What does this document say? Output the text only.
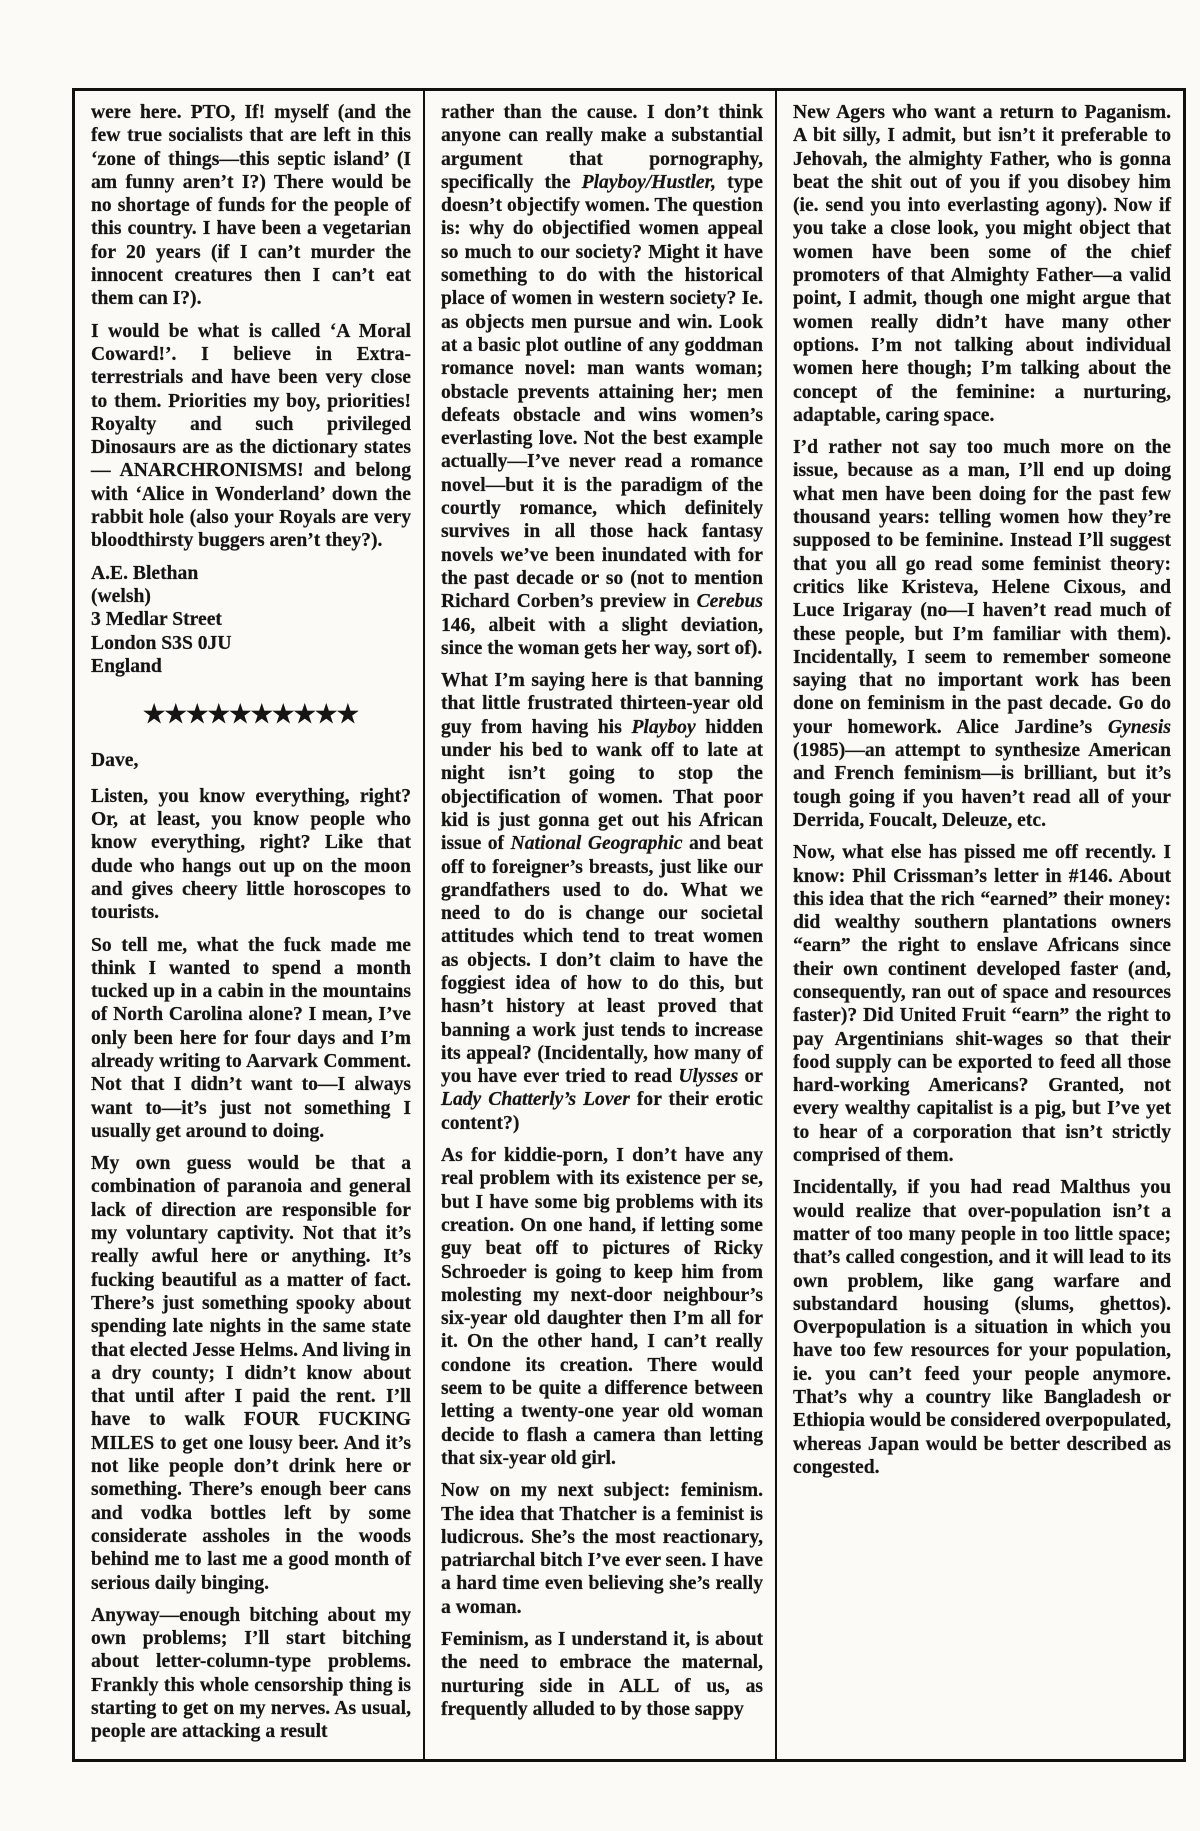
were here. PTO, If! myself (and the few true socialists that are left in this ‘zone of things—this septic island’ (I am funny aren’t I?) There would be no shortage of funds for the people of this country. I have been a vegetarian for 20 years (if I can’t murder the innocent creatures then I can’t eat them can I?).

I would be what is called ‘A Moral Coward!’. I believe in Extra-terrestrials and have been very close to them. Priorities my boy, priorities! Royalty and such privileged Dinosaurs are as the dictionary states — ANARCHRONISMS! and belong with ‘Alice in Wonderland’ down the rabbit hole (also your Royals are very bloodthirsty buggers aren’t they?).

A.E. Blethan

(welsh)

3 Medlar Street

London S3S 0JU

England

★★★★★★★★★★

Dave,

Listen, you know everything, right? Or, at least, you know people who know everything, right? Like that dude who hangs out up on the moon and gives cheery little horoscopes to tourists.

So tell me, what the fuck made me think I wanted to spend a month tucked up in a cabin in the mountains of North Carolina alone? I mean, I’ve only been here for four days and I’m already writing to Aarvark Comment. Not that I didn’t want to—I always want to—it’s just not something I usually get around to doing.

My own guess would be that a combination of paranoia and general lack of direction are responsible for my voluntary captivity. Not that it’s really awful here or anything. It’s fucking beautiful as a matter of fact. There’s just something spooky about spending late nights in the same state that elected Jesse Helms. And living in a dry county; I didn’t know about that until after I paid the rent. I’ll have to walk FOUR FUCKING MILES to get one lousy beer. And it’s not like people don’t drink here or something. There’s enough beer cans and vodka bottles left by some considerate assholes in the woods behind me to last me a good month of serious daily binging.

Anyway—enough bitching about my own problems; I’ll start bitching about letter-column-type problems. Frankly this whole censorship thing is starting to get on my nerves. As usual, people are attacking a result

rather than the cause. I don’t think anyone can really make a substantial argument that pornography, specifically the Playboy/Hustler, type doesn’t objectify women. The question is: why do objectified women appeal so much to our society? Might it have something to do with the historical place of women in western society? Ie. as objects men pursue and win. Look at a basic plot outline of any goddman romance novel: man wants woman; obstacle prevents attaining her; men defeats obstacle and wins women’s everlasting love. Not the best example actually—I’ve never read a romance novel—but it is the paradigm of the courtly romance, which definitely survives in all those hack fantasy novels we’ve been inundated with for the past decade or so (not to mention Richard Corben’s preview in Cerebus 146, albeit with a slight deviation, since the woman gets her way, sort of).

What I’m saying here is that banning that little frustrated thirteen-year old guy from having his Playboy hidden under his bed to wank off to late at night isn’t going to stop the objectification of women. That poor kid is just gonna get out his African issue of National Geographic and beat off to foreigner’s breasts, just like our grandfathers used to do. What we need to do is change our societal attitudes which tend to treat women as objects. I don’t claim to have the foggiest idea of how to do this, but hasn’t history at least proved that banning a work just tends to increase its appeal? (Incidentally, how many of you have ever tried to read Ulysses or Lady Chatterly’s Lover for their erotic content?)

As for kiddie-porn, I don’t have any real problem with its existence per se, but I have some big problems with its creation. On one hand, if letting some guy beat off to pictures of Ricky Schroeder is going to keep him from molesting my next-door neighbour’s six-year old daughter then I’m all for it. On the other hand, I can’t really condone its creation. There would seem to be quite a difference between letting a twenty-one year old woman decide to flash a camera than letting that six-year old girl.

Now on my next subject: feminism. The idea that Thatcher is a feminist is ludicrous. She’s the most reactionary, patriarchal bitch I’ve ever seen. I have a hard time even believing she’s really a woman.

Feminism, as I understand it, is about the need to embrace the maternal, nurturing side in ALL of us, as frequently alluded to by those sappy

New Agers who want a return to Paganism. A bit silly, I admit, but isn’t it preferable to Jehovah, the almighty Father, who is gonna beat the shit out of you if you disobey him (ie. send you into everlasting agony). Now if you take a close look, you might object that women have been some of the chief promoters of that Almighty Father—a valid point, I admit, though one might argue that women really didn’t have many other options. I’m not talking about individual women here though; I’m talking about the concept of the feminine: a nurturing, adaptable, caring space.

I’d rather not say too much more on the issue, because as a man, I’ll end up doing what men have been doing for the past few thousand years: telling women how they’re supposed to be feminine. Instead I’ll suggest that you all go read some feminist theory: critics like Kristeva, Helene Cixous, and Luce Irigaray (no—I haven’t read much of these people, but I’m familiar with them). Incidentally, I seem to remember someone saying that no important work has been done on feminism in the past decade. Go do your homework. Alice Jardine’s Gynesis (1985)—an attempt to synthesize American and French feminism—is brilliant, but it’s tough going if you haven’t read all of your Derrida, Foucalt, Deleuze, etc.

Now, what else has pissed me off recently. I know: Phil Crissman’s letter in #146. About this idea that the rich “earned” their money: did wealthy southern plantations owners “earn” the right to enslave Africans since their own continent developed faster (and, consequently, ran out of space and resources faster)? Did United Fruit “earn” the right to pay Argentinians shit-wages so that their food supply can be exported to feed all those hard-working Americans? Granted, not every wealthy capitalist is a pig, but I’ve yet to hear of a corporation that isn’t strictly comprised of them.

Incidentally, if you had read Malthus you would realize that over-population isn’t a matter of too many people in too little space; that’s called congestion, and it will lead to its own problem, like gang warfare and substandard housing (slums, ghettos). Overpopulation is a situation in which you have too few resources for your population, ie. you can’t feed your people anymore. That’s why a country like Bangladesh or Ethiopia would be considered overpopulated, whereas Japan would be better described as congested.
